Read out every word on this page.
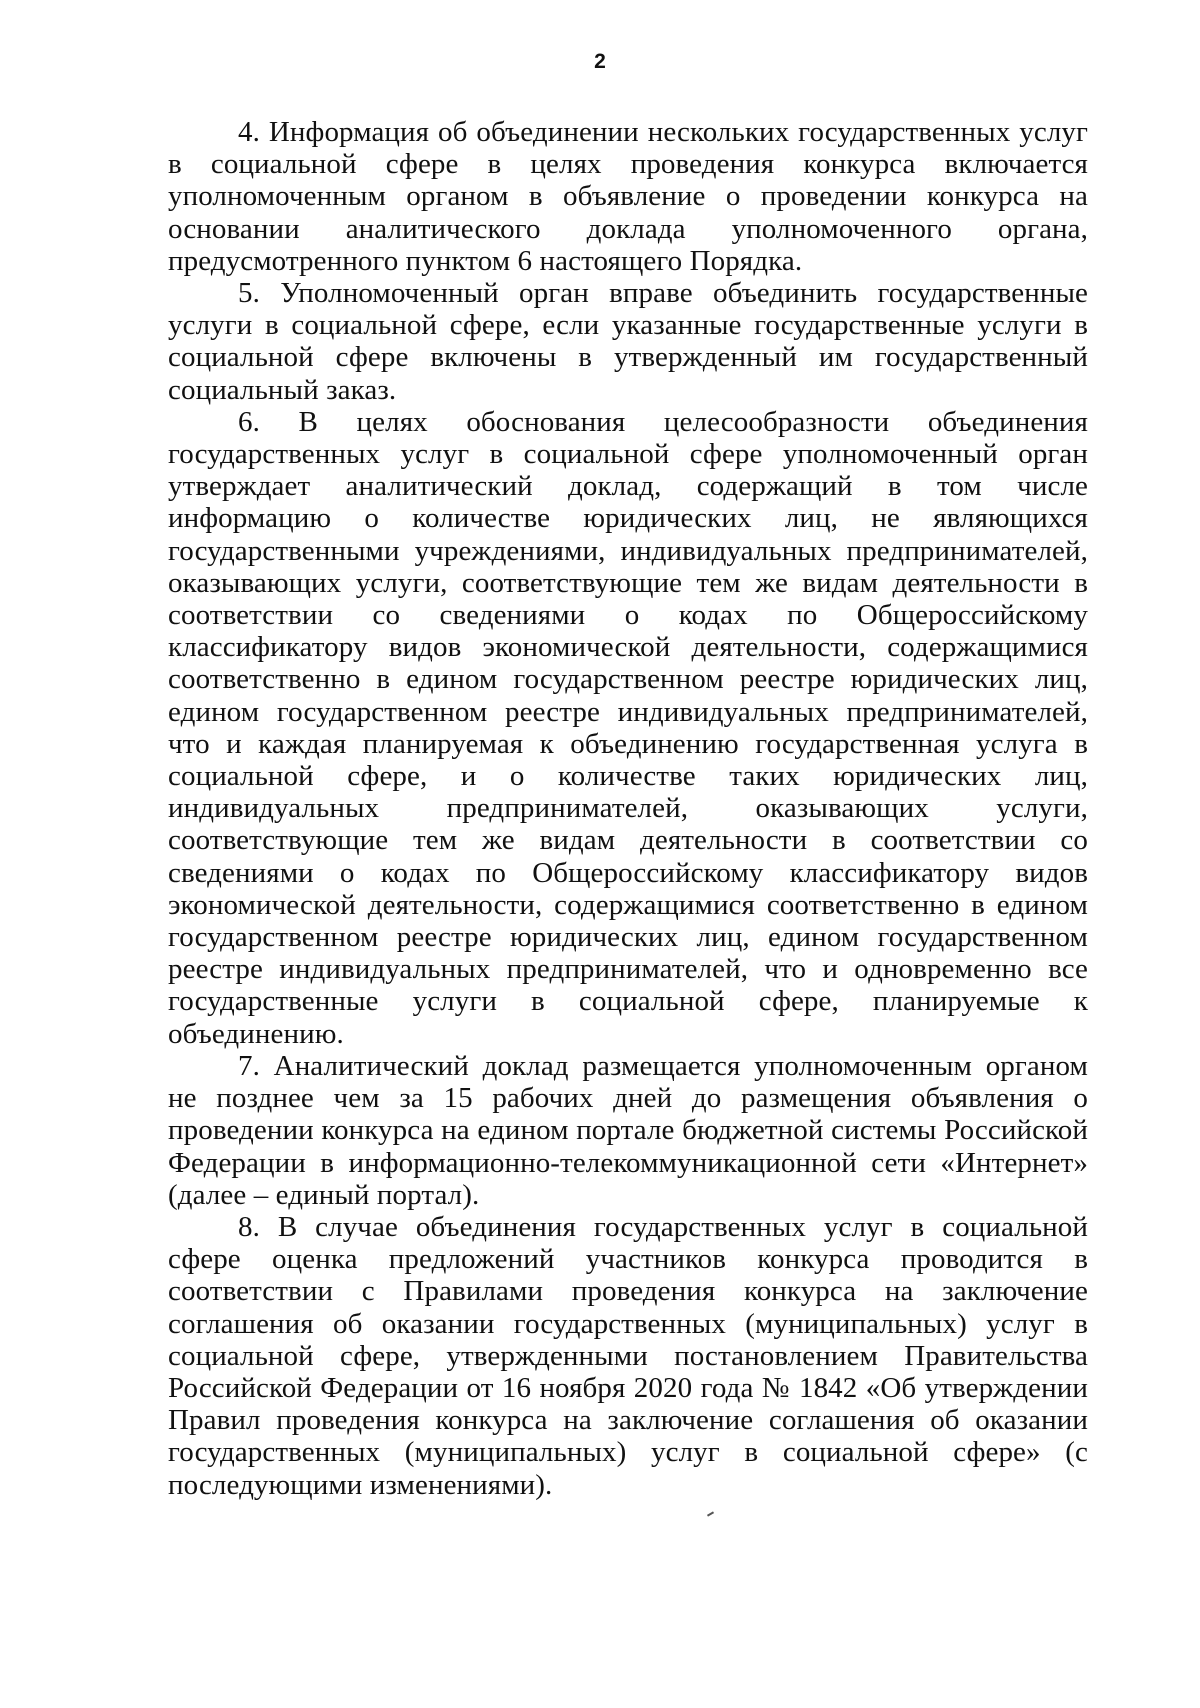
2

4. Информация об объединении нескольких государственных услуг в социальной сфере в целях проведения конкурса включается уполномоченным органом в объявление о проведении конкурса на основании аналитического доклада уполномоченного органа, предусмотренного пунктом 6 настоящего Порядка.

5. Уполномоченный орган вправе объединить государственные услуги в социальной сфере, если указанные государственные услуги в социальной сфере включены в утвержденный им государственный социальный заказ.

6. В целях обоснования целесообразности объединения государственных услуг в социальной сфере уполномоченный орган утверждает аналитический доклад, содержащий в том числе информацию о количестве юридических лиц, не являющихся государственными учреждениями, индивидуальных предпринимателей, оказывающих услуги, соответствующие тем же видам деятельности в соответствии со сведениями о кодах по Общероссийскому классификатору видов экономической деятельности, содержащимися соответственно в едином государственном реестре юридических лиц, едином государственном реестре индивидуальных предпринимателей, что и каждая планируемая к объединению государственная услуга в социальной сфере, и о количестве таких юридических лиц, индивидуальных предпринимателей, оказывающих услуги, соответствующие тем же видам деятельности в соответствии со сведениями о кодах по Общероссийскому классификатору видов экономической деятельности, содержащимися соответственно в едином государственном реестре юридических лиц, едином государственном реестре индивидуальных предпринимателей, что и одновременно все государственные услуги в социальной сфере, планируемые к объединению.

7. Аналитический доклад размещается уполномоченным органом не позднее чем за 15 рабочих дней до размещения объявления о проведении конкурса на едином портале бюджетной системы Российской Федерации в информационно-телекоммуникационной сети «Интернет» (далее – единый портал).

8. В случае объединения государственных услуг в социальной сфере оценка предложений участников конкурса проводится в соответствии с Правилами проведения конкурса на заключение соглашения об оказании государственных (муниципальных) услуг в социальной сфере, утвержденными постановлением Правительства Российской Федерации от 16 ноября 2020 года № 1842 «Об утверждении Правил проведения конкурса на заключение соглашения об оказании государственных (муниципальных) услуг в социальной сфере» (с последующими изменениями).
